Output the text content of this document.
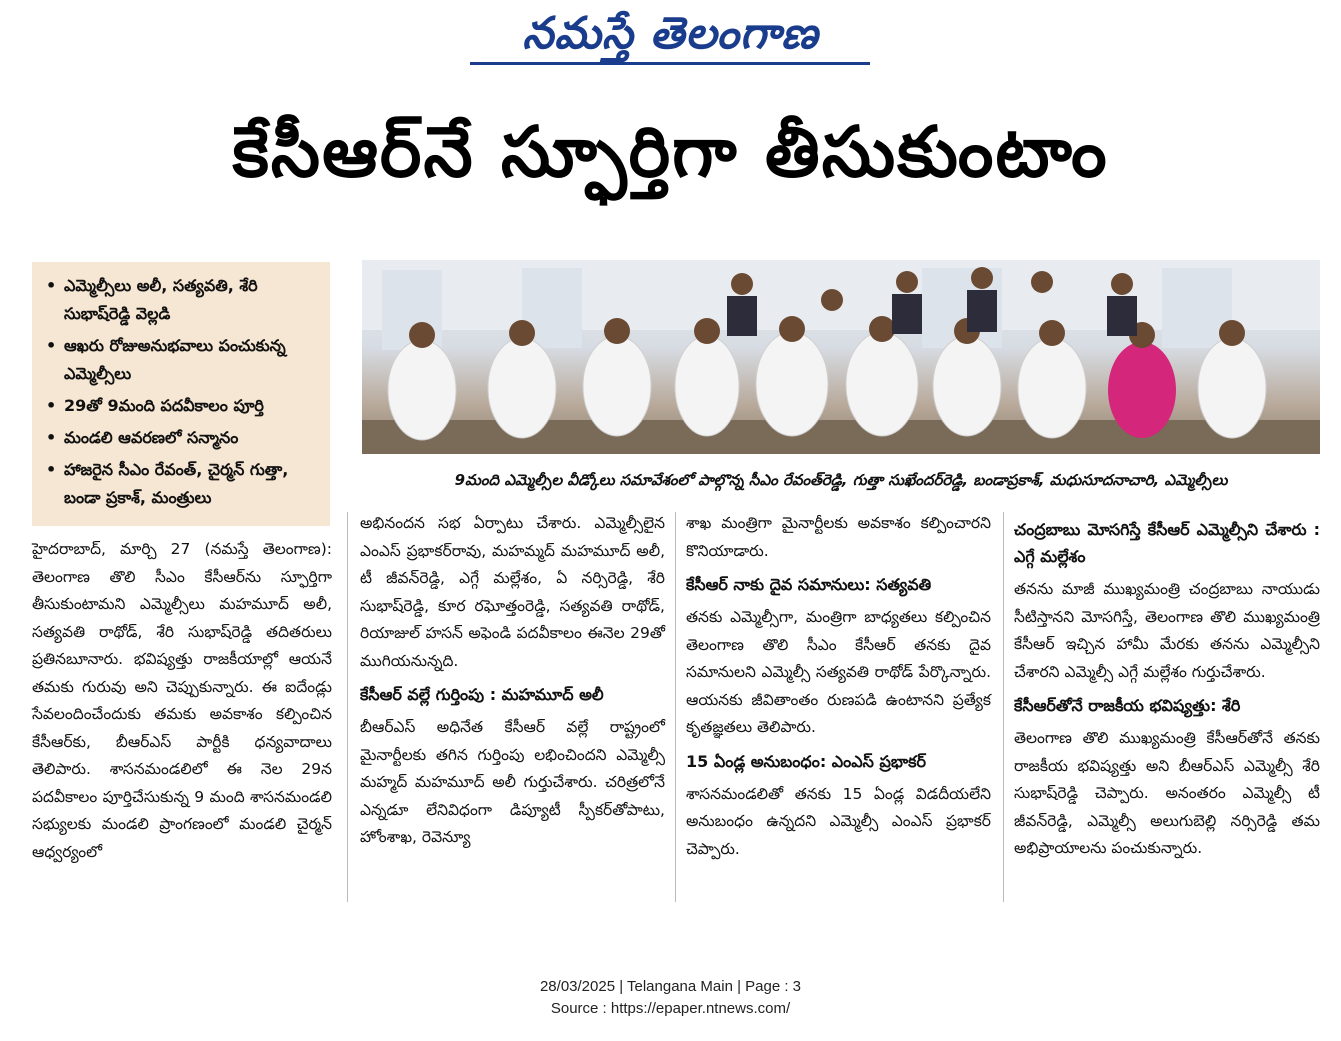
నమస్తే తెలంగాణ
కేసీఆర్‌నే స్ఫూర్తిగా తీసుకుంటాం
• ఎమ్మెల్సీలు అలీ, సత్యవతి, శేరి సుభాష్‌రెడ్డి వెల్లడి
• ఆఖరు రోజుఅనుభవాలు పంచుకున్న ఎమ్మెల్సీలు
• 29తో 9మంది పదవీకాలం పూర్తి
• మండలి ఆవరణలో సన్మానం
• హాజరైన సీఎం రేవంత్, చైర్మన్ గుత్తా, బండా ప్రకాశ్, మంత్రులు
9మంది ఎమ్మెల్సీల వీడ్కోలు సమావేశంలో పాల్గొన్న సీఎం రేవంత్‌రెడ్డి, గుత్తా సుఖేందర్‌రెడ్డి, బండాప్రకాశ్, మధుసూదనాచారి, ఎమ్మెల్సీలు

హైదరాబాద్, మార్చి 27 (నమస్తే తెలంగాణ): తెలంగాణ తొలి సీఎం కేసీఆర్‌ను స్ఫూర్తిగా తీసుకుంటామని ఎమ్మెల్సీలు మహమూద్ అలీ, సత్యవతి రాథోడ్, శేరి సుభాష్‌రెడ్డి తదితరులు ప్రతినబూనారు. భవిష్యత్తు రాజకీయాల్లో ఆయనే తమకు గురువు అని చెప్పుకున్నారు. ఈ ఐదేండ్లు సేవలందించేందుకు తమకు అవకాశం కల్పించిన కేసీఆర్‌కు, బీఆర్‌ఎస్ పార్టీకి ధన్యవాదాలు తెలిపారు. శాసనమండలిలో ఈ నెల 29న పదవీకాలం పూర్తిచేసుకున్న 9 మంది శాసనమండలి సభ్యులకు మండలి ప్రాంగణంలో మండలి చైర్మన్ ఆధ్వర్యంలో

అభినందన సభ ఏర్పాటు చేశారు. ఎమ్మెల్సీలైన ఎంఎస్ ప్రభాకర్‌రావు, మహమ్మద్ మహమూద్ అలీ, టీ జీవన్‌రెడ్డి, ఎగ్గే మల్లేశం, ఏ నర్సిరెడ్డి, శేరి సుభాష్‌రెడ్డి, కూర రఘోత్తంరెడ్డి, సత్యవతి రాథోడ్, రియాజుల్ హసన్ అఫెండి పదవీకాలం ఈనెల 29తో ముగియనున్నది.

కేసీఆర్ వల్లే గుర్తింపు : మహమూద్ అలీ

బీఆర్‌ఎస్ అధినేత కేసీఆర్ వల్లే రాష్ట్రంలో మైనార్టీలకు తగిన గుర్తింపు లభించిందని ఎమ్మెల్సీ మహ్మద్ మహమూద్ అలీ గుర్తుచేశారు. చరిత్రలోనే ఎన్నడూ లేనివిధంగా డిప్యూటీ స్పీకర్‌తోపాటు, హోంశాఖ, రెవెన్యూ

శాఖ మంత్రిగా మైనార్టీలకు అవకాశం కల్పించారని కొనియాడారు.

కేసీఆర్ నాకు దైవ సమానులు: సత్యవతి

తనకు ఎమ్మెల్సీగా, మంత్రిగా బాధ్యతలు కల్పించిన తెలంగాణ తొలి సీఎం కేసీఆర్ తనకు దైవ సమానులని ఎమ్మెల్సీ సత్యవతి రాథోడ్ పేర్కొన్నారు. ఆయనకు జీవితాంతం రుణపడి ఉంటానని ప్రత్యేక కృతజ్ఞతలు తెలిపారు.

15 ఏండ్ల అనుబంధం: ఎంఎస్ ప్రభాకర్

శాసనమండలితో తనకు 15 ఏండ్ల విడదీయలేని అనుబంధం ఉన్నదని ఎమ్మెల్సీ ఎంఎస్ ప్రభాకర్ చెప్పారు.

చంద్రబాబు మోసగిస్తే కేసీఆర్ ఎమ్మెల్సీని చేశారు : ఎగ్గే మల్లేశం

తనను మాజీ ముఖ్యమంత్రి చంద్రబాబు నాయుడు సీటిస్తానని మోసగిస్తే, తెలంగాణ తొలి ముఖ్యమంత్రి కేసీఆర్ ఇచ్చిన హామీ మేరకు తనను ఎమ్మెల్సీని చేశారని ఎమ్మెల్సీ ఎగ్గే మల్లేశం గుర్తుచేశారు.

కేసీఆర్‌తోనే రాజకీయ భవిష్యత్తు: శేరి

తెలంగాణ తొలి ముఖ్యమంత్రి కేసీఆర్‌తోనే తనకు రాజకీయ భవిష్యత్తు అని బీఆర్‌ఎస్ ఎమ్మెల్సీ శేరి సుభాష్‌రెడ్డి చెప్పారు. అనంతరం ఎమ్మెల్సీ టీ జీవన్‌రెడ్డి, ఎమ్మెల్సీ అలుగుబెల్లి నర్సిరెడ్డి తమ అభిప్రాయాలను పంచుకున్నారు.

28/03/2025 | Telangana Main | Page : 3
Source : https://epaper.ntnews.com/
